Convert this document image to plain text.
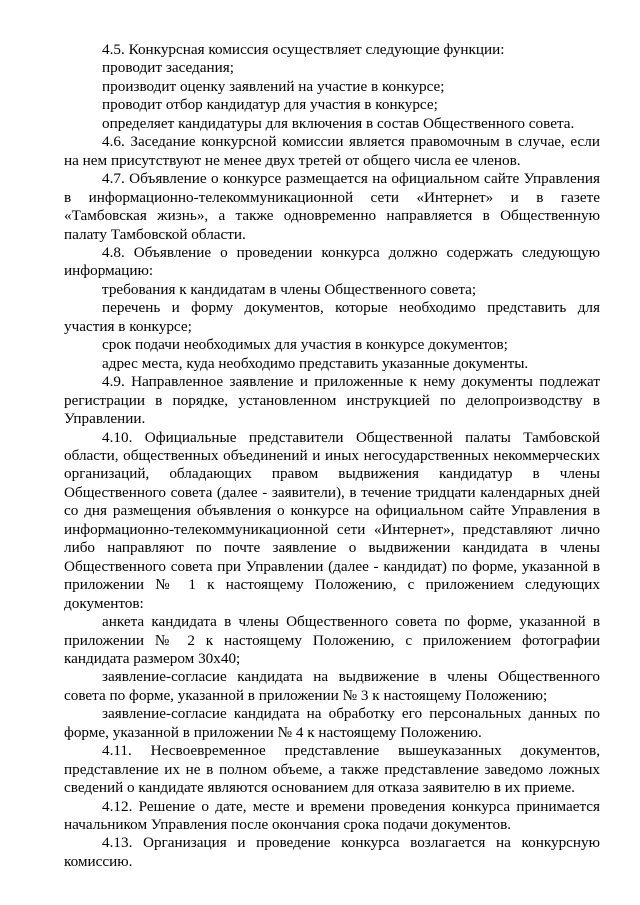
4.5. Конкурсная комиссия осуществляет следующие функции:

проводит заседания;

производит оценку заявлений на участие в конкурсе;

проводит отбор кандидатур для участия в конкурсе;

определяет кандидатуры для включения в состав Общественного совета.

4.6. Заседание конкурсной комиссии является правомочным в случае, если на нем присутствуют не менее двух третей от общего числа ее членов.

4.7. Объявление о конкурсе размещается на официальном сайте Управления в информационно-телекоммуникационной сети «Интернет» и в газете «Тамбовская жизнь», а также одновременно направляется в Общественную палату Тамбовской области.

4.8. Объявление о проведении конкурса должно содержать следующую информацию:

требования к кандидатам в члены Общественного совета;

перечень и форму документов, которые необходимо представить для участия в конкурсе;

срок подачи необходимых для участия в конкурсе документов;

адрес места, куда необходимо представить указанные документы.

4.9. Направленное заявление и приложенные к нему документы подлежат регистрации в порядке, установленном инструкцией по делопроизводству в Управлении.

4.10. Официальные представители Общественной палаты Тамбовской области, общественных объединений и иных негосударственных некоммерческих организаций, обладающих правом выдвижения кандидатур в члены Общественного совета (далее - заявители), в течение тридцати календарных дней со дня размещения объявления о конкурсе на официальном сайте Управления в информационно-телекоммуникационной сети «Интернет», представляют лично либо направляют по почте заявление о выдвижении кандидата в члены Общественного совета при Управлении (далее - кандидат) по форме, указанной в приложении № 1 к настоящему Положению, с приложением следующих документов:

анкета кандидата в члены Общественного совета по форме, указанной в приложении № 2 к настоящему Положению, с приложением фотографии кандидата размером 30x40;

заявление-согласие кандидата на выдвижение в члены Общественного совета по форме, указанной в приложении № 3 к настоящему Положению;

заявление-согласие кандидата на обработку его персональных данных по форме, указанной в приложении № 4 к настоящему Положению.

4.11. Несвоевременное представление вышеуказанных документов, представление их не в полном объеме, а также представление заведомо ложных сведений о кандидате являются основанием для отказа заявителю в их приеме.

4.12. Решение о дате, месте и времени проведения конкурса принимается начальником Управления после окончания срока подачи документов.

4.13. Организация и проведение конкурса возлагается на конкурсную комиссию.
